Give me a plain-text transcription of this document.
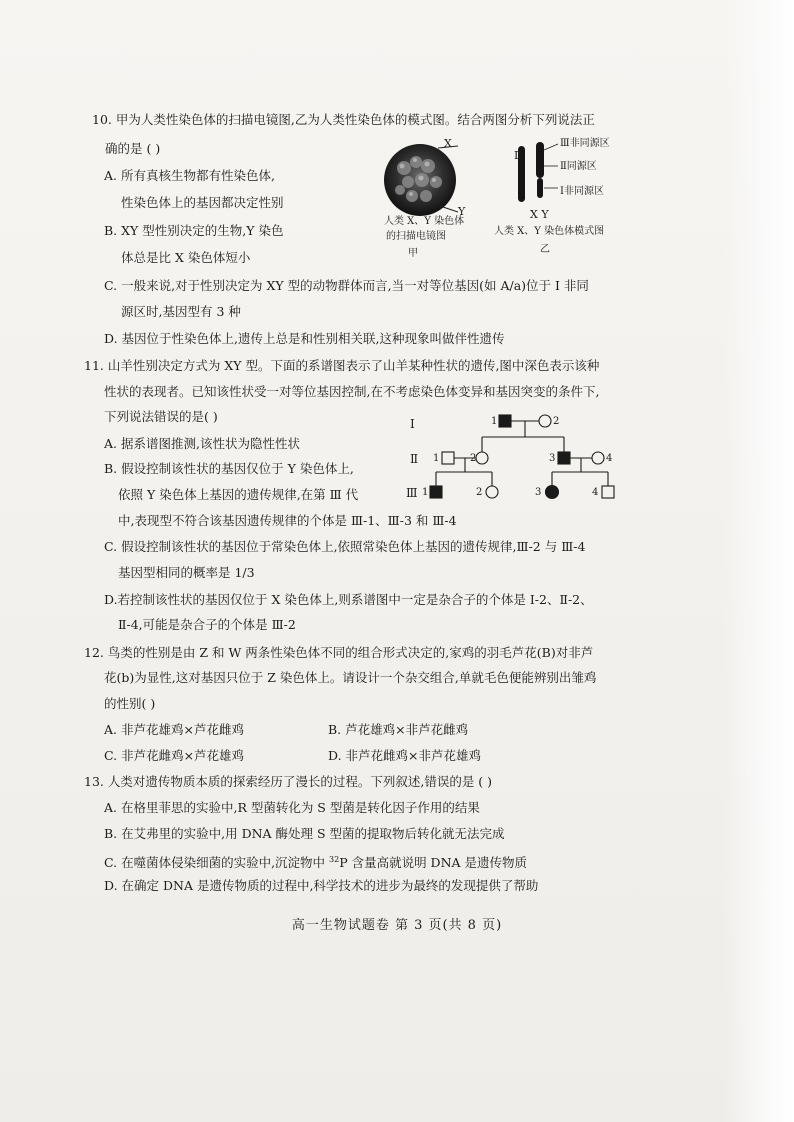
10. 甲为人类性染色体的扫描电镜图,乙为人类性染色体的模式图。结合两图分析下列说法正
确的是 ( )
A. 所有真核生物都有性染色体,
性染色体上的基因都决定性别
B. XY 型性别决定的生物,Y 染色
体总是比 X 染色体短小
C. 一般来说,对于性别决定为 XY 型的动物群体而言,当一对等位基因(如 A/a)位于 Ⅰ 非同
源区时,基因型有 3 种
D. 基因位于性染色体上,遗传上总是和性别相关联,这种现象叫做伴性遗传
X
Y
人类 X、Y 染色体
的扫描电镜图
甲
Ⅱ
Ⅲ非同源区
Ⅱ同源区
Ⅰ非同源区
X Y
人类 X、Y 染色体模式图
乙
11. 山羊性别决定方式为 XY 型。下面的系谱图表示了山羊某种性状的遗传,图中深色表示该种
性状的表现者。已知该性状受一对等位基因控制,在不考虑染色体变异和基因突变的条件下,
下列说法错误的是( )
A. 据系谱图推测,该性状为隐性性状
B. 假设控制该性状的基因仅位于 Y 染色体上,
依照 Y 染色体上基因的遗传规律,在第 Ⅲ 代
中,表现型不符合该基因遗传规律的个体是 Ⅲ-1、Ⅲ-3 和 Ⅲ-4
C. 假设控制该性状的基因位于常染色体上,依照常染色体上基因的遗传规律,Ⅲ-2 与 Ⅲ-4
基因型相同的概率是 1/3
D.若控制该性状的基因仅位于 X 染色体上,则系谱图中一定是杂合子的个体是 Ⅰ-2、Ⅱ-2、
Ⅱ-4,可能是杂合子的个体是 Ⅲ-2
Ⅰ
Ⅱ
Ⅲ
1	2
1	2	3	4
1	2	3	4
12. 鸟类的性别是由 Z 和 W 两条性染色体不同的组合形式决定的,家鸡的羽毛芦花(B)对非芦
花(b)为显性,这对基因只位于 Z 染色体上。请设计一个杂交组合,单就毛色便能辨别出雏鸡
的性别( )
A. 非芦花雄鸡×芦花雌鸡	B. 芦花雄鸡×非芦花雌鸡
C. 非芦花雌鸡×芦花雄鸡	D. 非芦花雌鸡×非芦花雄鸡
13. 人类对遗传物质本质的探索经历了漫长的过程。下列叙述,错误的是 ( )
A. 在格里菲思的实验中,R 型菌转化为 S 型菌是转化因子作用的结果
B. 在艾弗里的实验中,用 DNA 酶处理 S 型菌的提取物后转化就无法完成
C. 在噬菌体侵染细菌的实验中,沉淀物中 $^{32}$P 含量高就说明 DNA 是遗传物质
D. 在确定 DNA 是遗传物质的过程中,科学技术的进步为最终的发现提供了帮助
高一生物试题卷 第 3 页(共 8 页)
